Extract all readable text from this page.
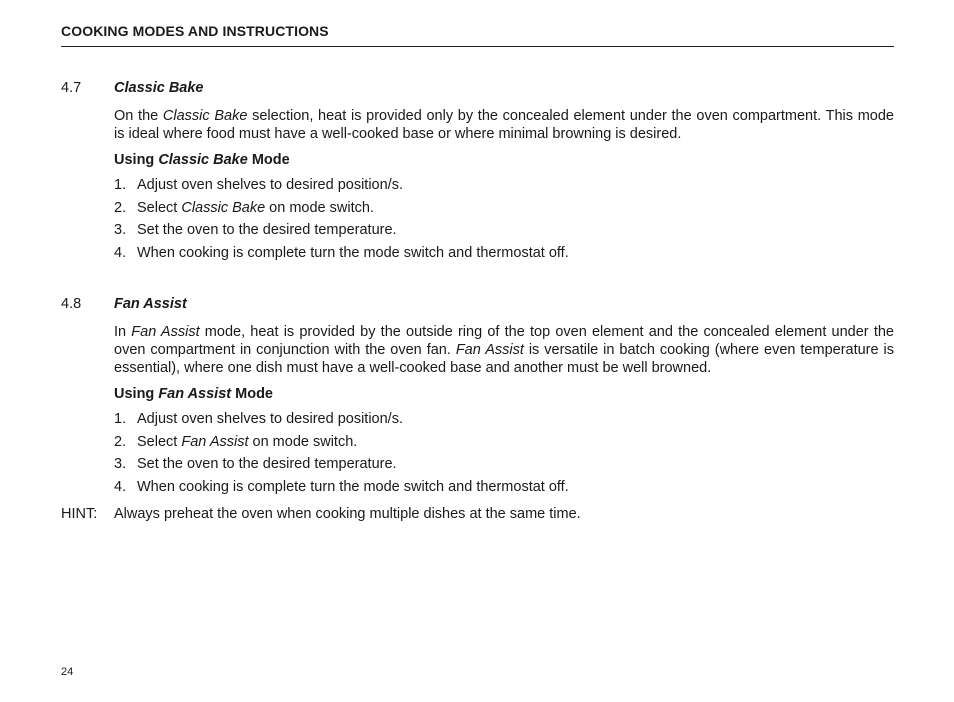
COOKING MODES AND INSTRUCTIONS
4.7 Classic Bake
On the Classic Bake selection, heat is provided only by the concealed element under the oven compartment. This mode is ideal where food must have a well-cooked base or where minimal browning is desired.
Using Classic Bake Mode
1. Adjust oven shelves to desired position/s.
2. Select Classic Bake on mode switch.
3. Set the oven to the desired temperature.
4. When cooking is complete turn the mode switch and thermostat off.
4.8 Fan Assist
In Fan Assist mode, heat is provided by the outside ring of the top oven element and the concealed element under the oven compartment in conjunction with the oven fan. Fan Assist is versatile in batch cooking (where even temperature is essential), where one dish must have a well-cooked base and another must be well browned.
Using Fan Assist Mode
1. Adjust oven shelves to desired position/s.
2. Select Fan Assist on mode switch.
3. Set the oven to the desired temperature.
4. When cooking is complete turn the mode switch and thermostat off.
HINT: Always preheat the oven when cooking multiple dishes at the same time.
24
